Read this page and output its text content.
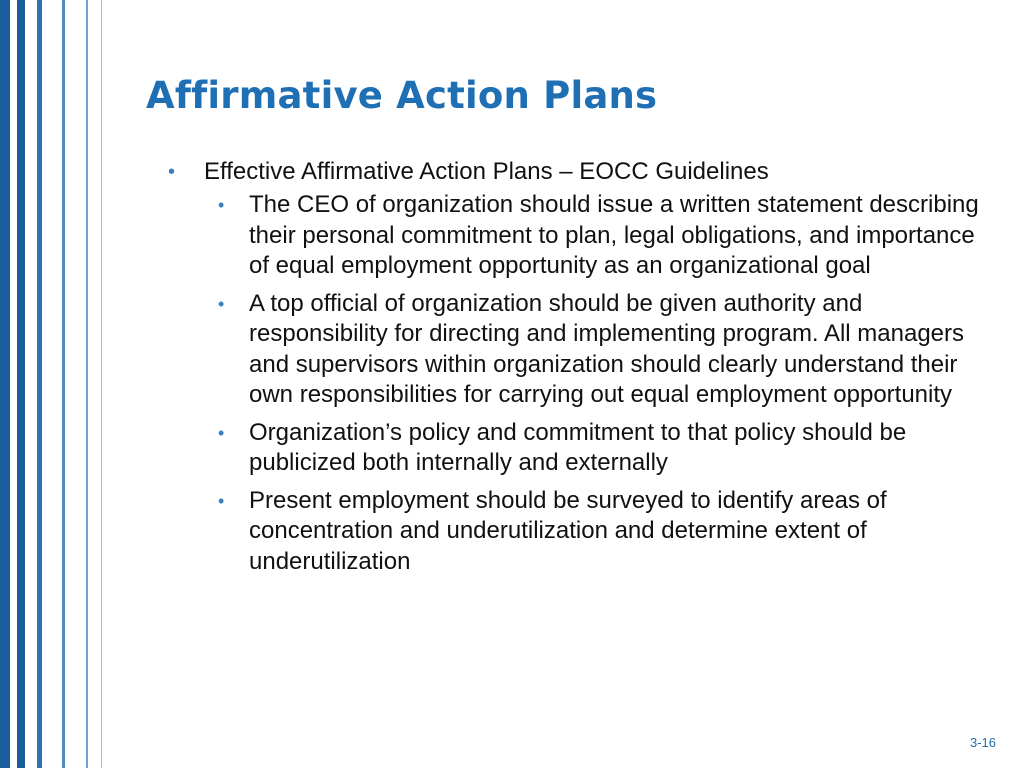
Affirmative Action Plans
• Effective Affirmative Action Plans – EOCC Guidelines
• The CEO of organization should issue a written statement describing their personal commitment to plan, legal obligations, and importance of equal employment opportunity as an organizational goal
• A top official of organization should be given authority and responsibility for directing and implementing program. All managers and supervisors within organization should clearly understand their own responsibilities for carrying out equal employment opportunity
• Organization’s policy and commitment to that policy should be publicized both internally and externally
• Present employment should be surveyed to identify areas of concentration and underutilization and determine extent of underutilization
3-16
